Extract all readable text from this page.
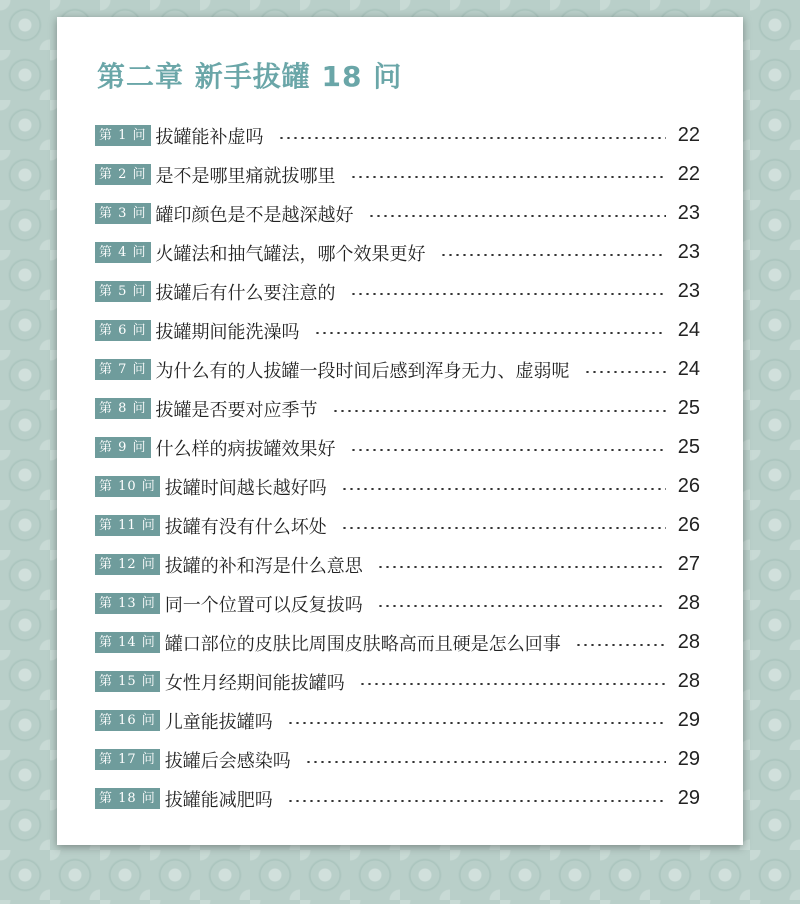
第二章 新手拔罐 18 问
第 1 问 拔罐能补虚吗	22
第 2 问 是不是哪里痛就拔哪里	22
第 3 问 罐印颜色是不是越深越好	23
第 4 问 火罐法和抽气罐法，哪个效果更好	23
第 5 问 拔罐后有什么要注意的	23
第 6 问 拔罐期间能洗澡吗	24
第 7 问 为什么有的人拔罐一段时间后感到浑身无力、虚弱呢	24
第 8 问 拔罐是否要对应季节	25
第 9 问 什么样的病拔罐效果好	25
第 10 问 拔罐时间越长越好吗	26
第 11 问 拔罐有没有什么坏处	26
第 12 问 拔罐的补和泻是什么意思	27
第 13 问 同一个位置可以反复拔吗	28
第 14 问 罐口部位的皮肤比周围皮肤略高而且硬是怎么回事	28
第 15 问 女性月经期间能拔罐吗	28
第 16 问 儿童能拔罐吗	29
第 17 问 拔罐后会感染吗	29
第 18 问 拔罐能减肥吗	29
